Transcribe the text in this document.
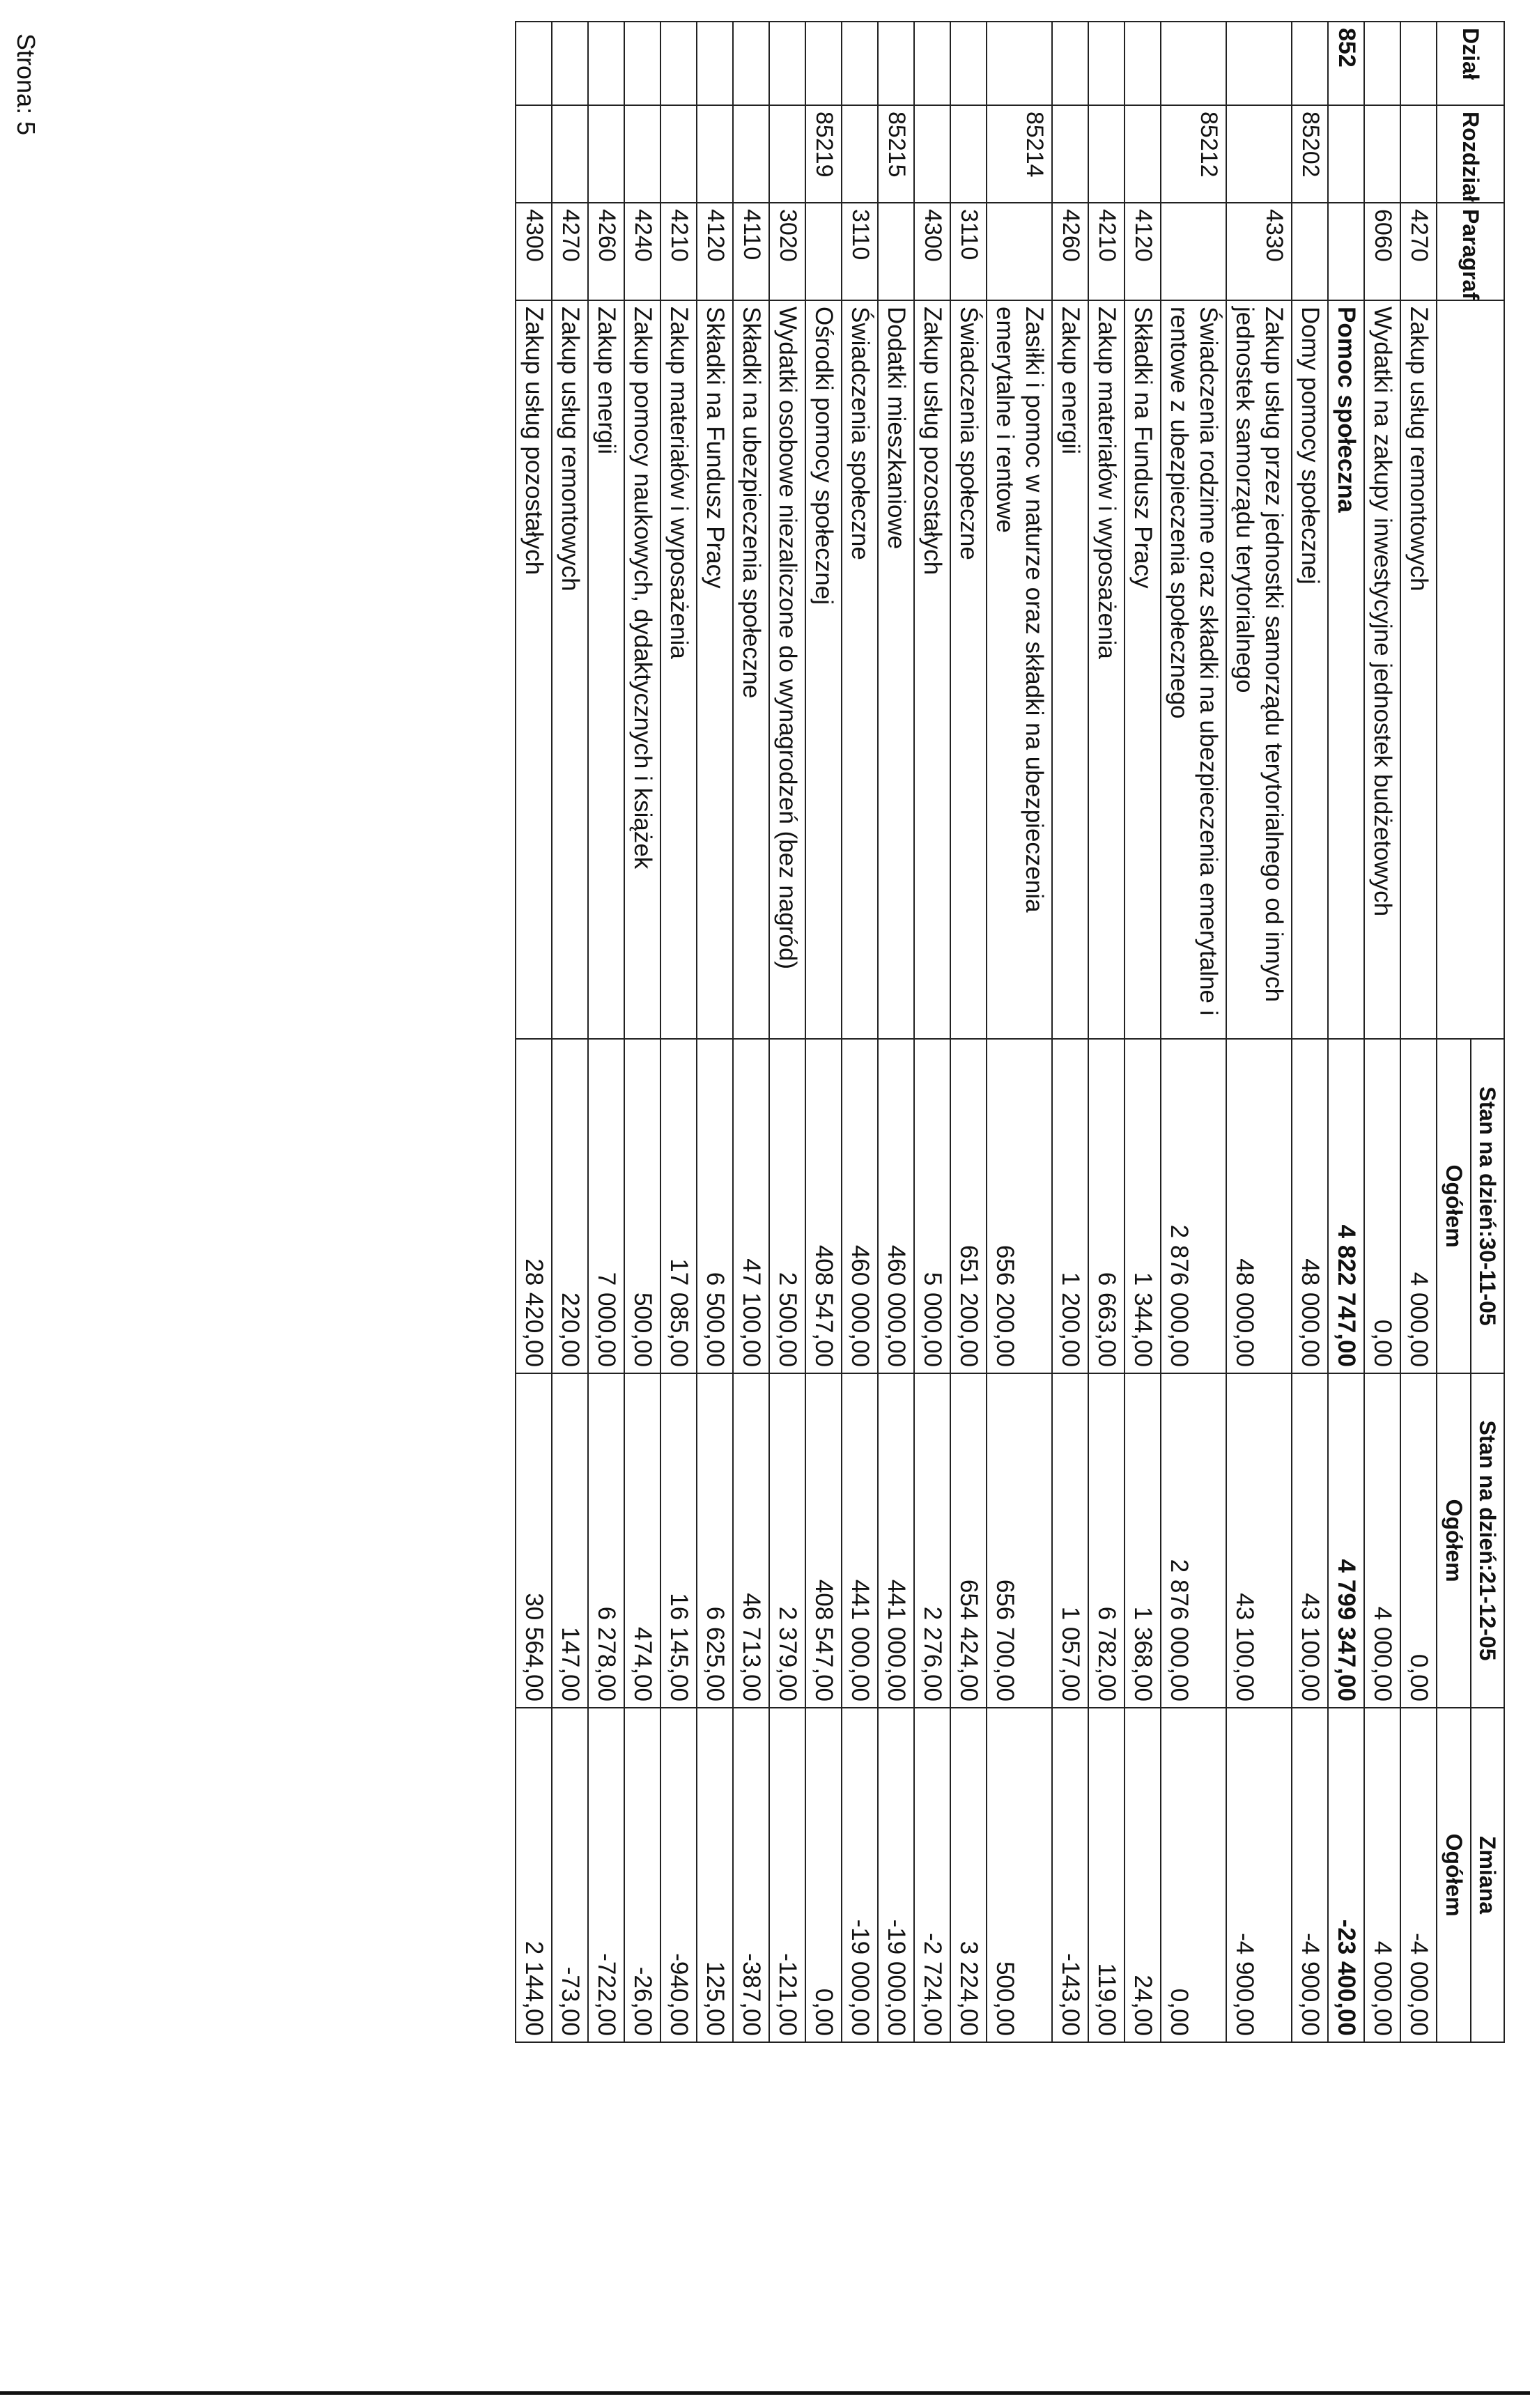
Strona: 5
Dział	Rozdział	Paragraf		Stan na dzień:30-11-05	Stan na dzień:21-12-05	Zmiana
				Ogółem	Ogółem	Ogółem
		4270	Zakup usług remontowych	4 000,00	0,00	-4 000,00
		6060	Wydatki na zakupy inwestycyjne jednostek budżetowych	0,00	4 000,00	4 000,00
852			Pomoc społeczna	4 822 747,00	4 799 347,00	-23 400,00
	85202		Domy pomocy społecznej	48 000,00	43 100,00	-4 900,00
		4330	Zakup usług przez jednostki samorządu terytorialnego od innych jednostek samorządu terytorialnego	48 000,00	43 100,00	-4 900,00
	85212		Świadczenia rodzinne oraz składki na ubezpieczenia emerytalne i rentowe z ubezpieczenia społecznego	2 876 000,00	2 876 000,00	0,00
		4120	Składki na Fundusz Pracy	1 344,00	1 368,00	24,00
		4210	Zakup materiałów i wyposażenia	6 663,00	6 782,00	119,00
		4260	Zakup energii	1 200,00	1 057,00	-143,00
	85214		Zasiłki i pomoc w naturze oraz składki na ubezpieczenia emerytalne i rentowe	656 200,00	656 700,00	500,00
		3110	Świadczenia społeczne	651 200,00	654 424,00	3 224,00
		4300	Zakup usług pozostałych	5 000,00	2 276,00	-2 724,00
	85215		Dodatki mieszkaniowe	460 000,00	441 000,00	-19 000,00
		3110	Świadczenia społeczne	460 000,00	441 000,00	-19 000,00
	85219		Ośrodki pomocy społecznej	408 547,00	408 547,00	0,00
		3020	Wydatki osobowe niezaliczone do wynagrodzeń (bez nagród)	2 500,00	2 379,00	-121,00
		4110	Składki na ubezpieczenia społeczne	47 100,00	46 713,00	-387,00
		4120	Składki na Fundusz Pracy	6 500,00	6 625,00	125,00
		4210	Zakup materiałów i wyposażenia	17 085,00	16 145,00	-940,00
		4240	Zakup pomocy naukowych, dydaktycznych i książek	500,00	474,00	-26,00
		4260	Zakup energii	7 000,00	6 278,00	-722,00
		4270	Zakup usług remontowych	220,00	147,00	-73,00
		4300	Zakup usług pozostałych	28 420,00	30 564,00	2 144,00
